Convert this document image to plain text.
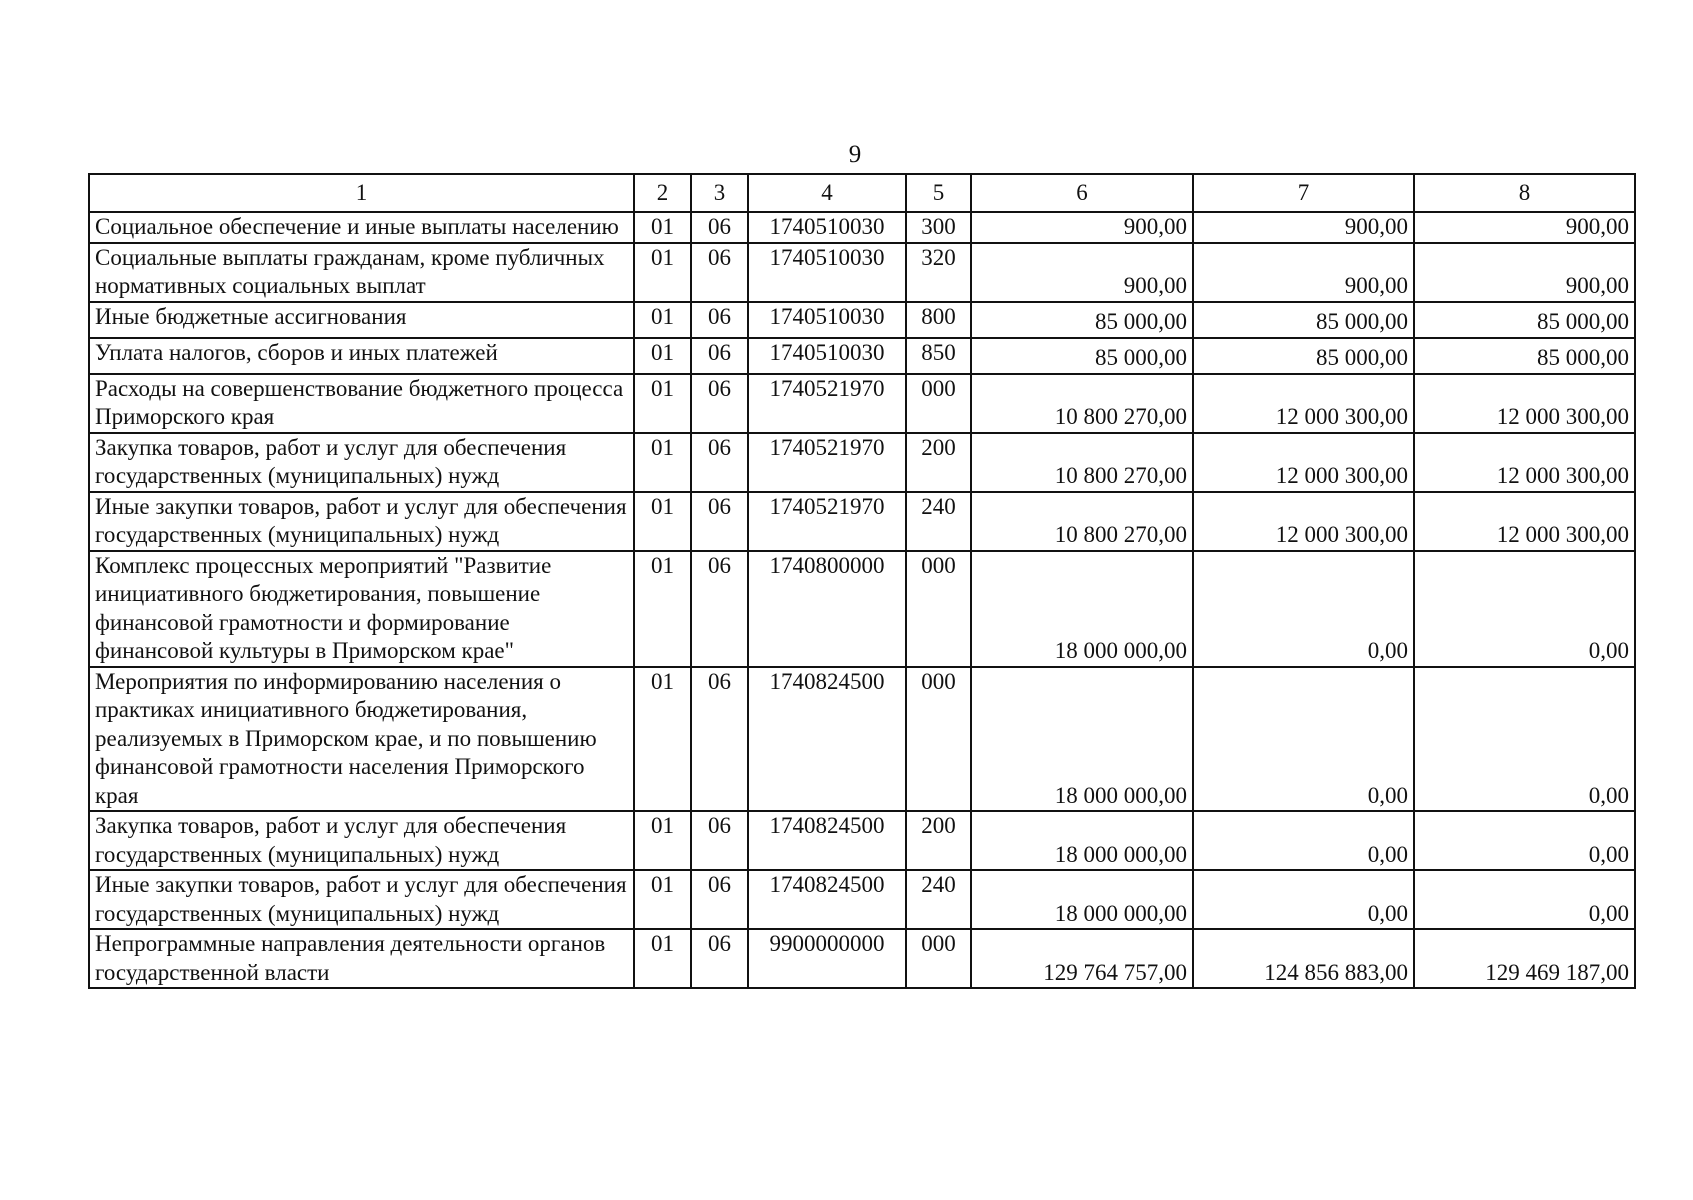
9
1	2	3	4	5	6	7	8
Социальное обеспечение и иные выплаты населению	01	06	1740510030	300	900,00	900,00	900,00
Социальные выплаты гражданам, кроме публичных нормативных социальных выплат	01	06	1740510030	320	900,00	900,00	900,00
Иные бюджетные ассигнования	01	06	1740510030	800	85 000,00	85 000,00	85 000,00
Уплата налогов, сборов и иных платежей	01	06	1740510030	850	85 000,00	85 000,00	85 000,00
Расходы на совершенствование бюджетного процесса Приморского края	01	06	1740521970	000	10 800 270,00	12 000 300,00	12 000 300,00
Закупка товаров, работ и услуг для обеспечения государственных (муниципальных) нужд	01	06	1740521970	200	10 800 270,00	12 000 300,00	12 000 300,00
Иные закупки товаров, работ и услуг для обеспечения государственных (муниципальных) нужд	01	06	1740521970	240	10 800 270,00	12 000 300,00	12 000 300,00
Комплекс процессных мероприятий "Развитие инициативного бюджетирования, повышение финансовой грамотности и формирование финансовой культуры в Приморском крае"	01	06	1740800000	000	18 000 000,00	0,00	0,00
Мероприятия по информированию населения о практиках инициативного бюджетирования, реализуемых в Приморском крае, и по повышению финансовой грамотности населения Приморского края	01	06	1740824500	000	18 000 000,00	0,00	0,00
Закупка товаров, работ и услуг для обеспечения государственных (муниципальных) нужд	01	06	1740824500	200	18 000 000,00	0,00	0,00
Иные закупки товаров, работ и услуг для обеспечения государственных (муниципальных) нужд	01	06	1740824500	240	18 000 000,00	0,00	0,00
Непрограммные направления деятельности органов государственной власти	01	06	9900000000	000	129 764 757,00	124 856 883,00	129 469 187,00
